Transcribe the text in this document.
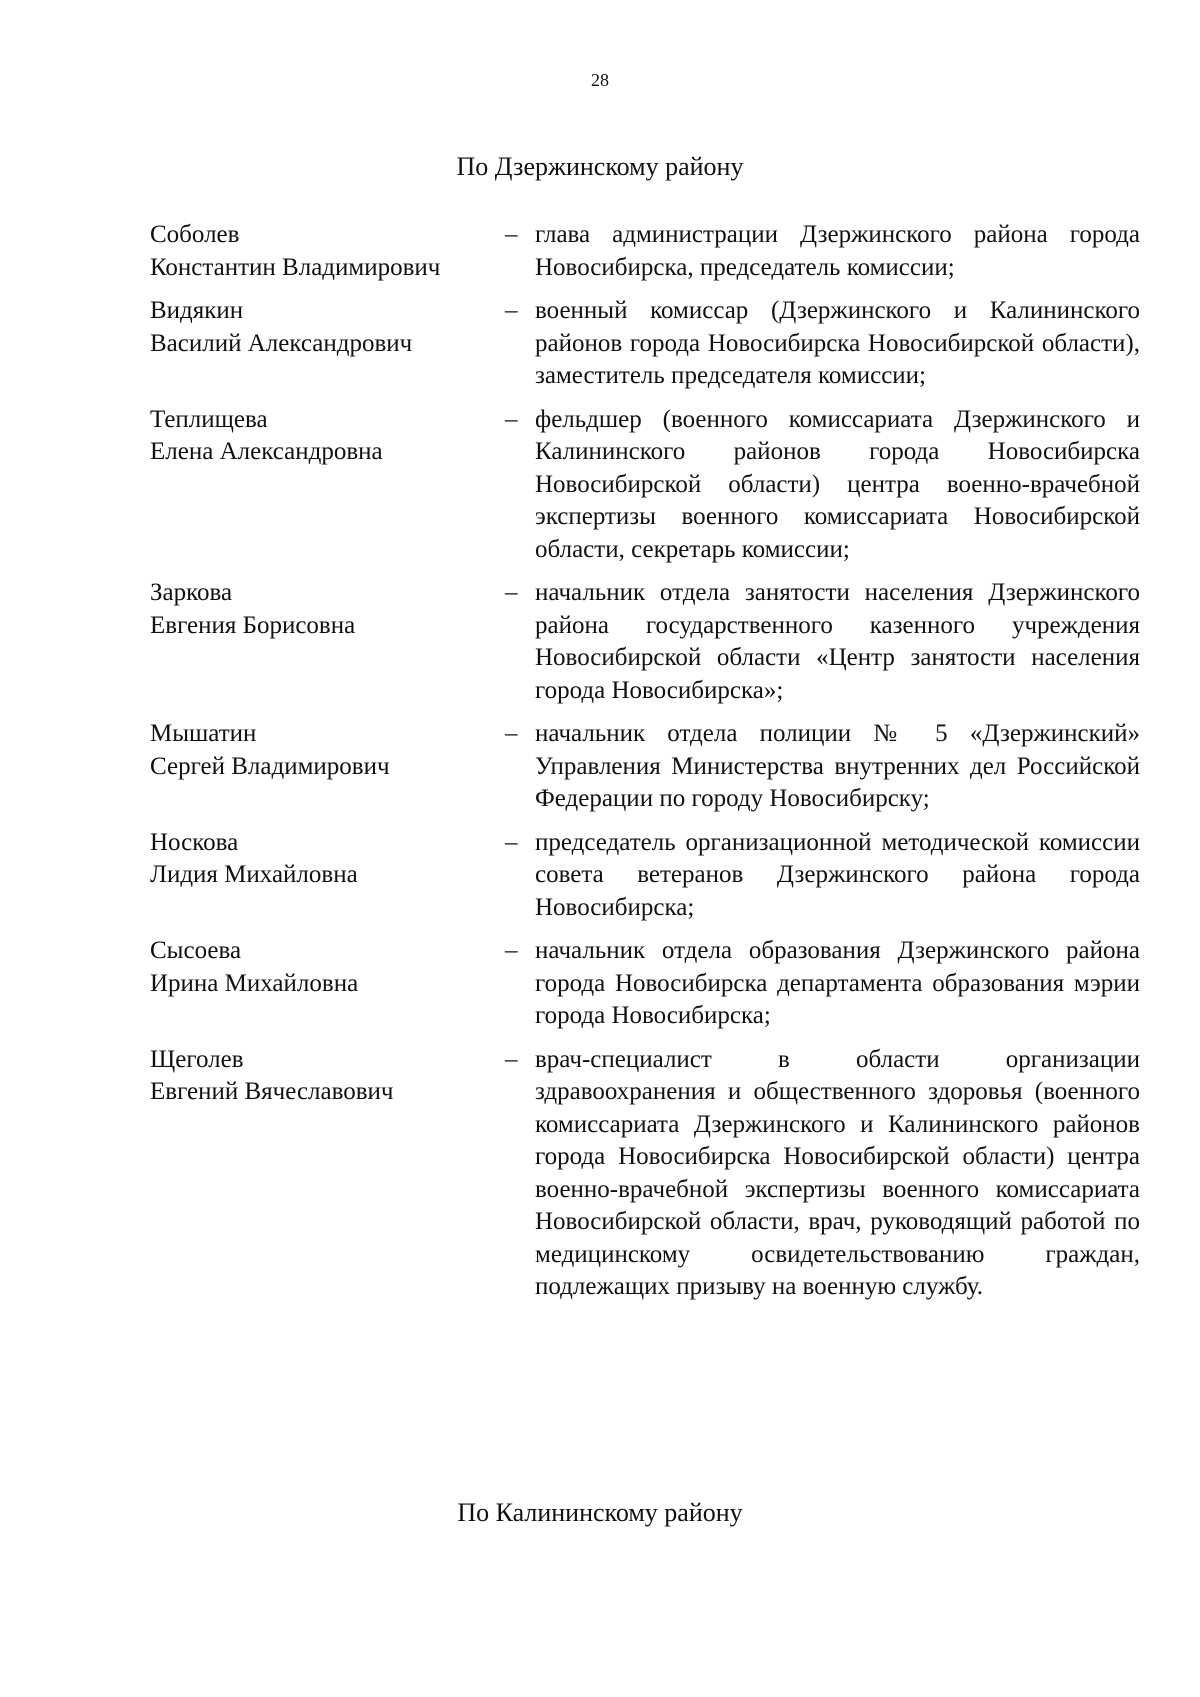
28
По Дзержинскому району
Соболев
Константин Владимирович
– глава администрации Дзержинского района города Новосибирска, председатель комиссии;
Видякин
Василий Александрович
– военный комиссар (Дзержинского и Калининского районов города Новосибирска Новосибирской области), заместитель председателя комиссии;
Теплищева
Елена Александровна
– фельдшер (военного комиссариата Дзержинского и Калининского районов города Новосибирска Новосибирской области) центра военно-врачебной экспертизы военного комиссариата Новосибирской области, секретарь комиссии;
Заркова
Евгения Борисовна
– начальник отдела занятости населения Дзержинского района государственного казенного учреждения Новосибирской области «Центр занятости населения города Новосибирска»;
Мышатин
Сергей Владимирович
– начальник отдела полиции № 5 «Дзержинский» Управления Министерства внутренних дел Российской Федерации по городу Новосибирску;
Носкова
Лидия Михайловна
– председатель организационной методической комиссии совета ветеранов Дзержинского района города Новосибирска;
Сысоева
Ирина Михайловна
– начальник отдела образования Дзержинского района города Новосибирска департамента образования мэрии города Новосибирска;
Щеголев
Евгений Вячеславович
– врач-специалист в области организации здравоохранения и общественного здоровья (военного комиссариата Дзержинского и Калининского районов города Новосибирска Новосибирской области) центра военно-врачебной экспертизы военного комиссариата Новосибирской области, врач, руководящий работой по медицинскому освидетельствованию граждан, подлежащих призыву на военную службу.
По Калининскому району
